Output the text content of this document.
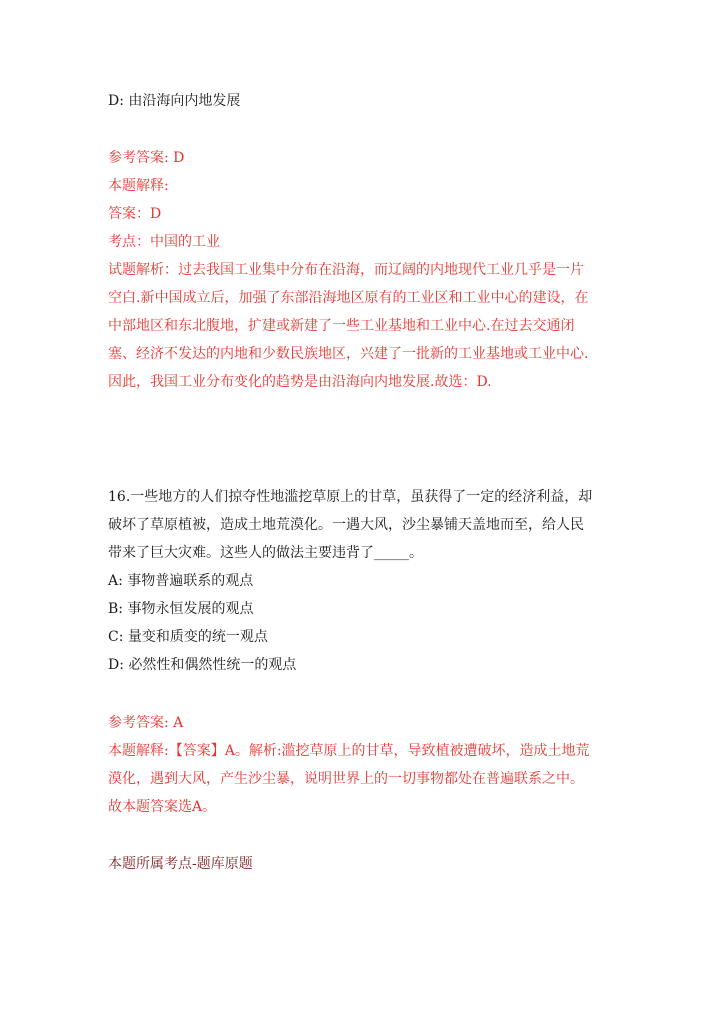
D: 由沿海向内地发展
参考答案: D
本题解释:
答案：D
考点：中国的工业
试题解析：过去我国工业集中分布在沿海，而辽阔的内地现代工业几乎是一片
空白.新中国成立后，加强了东部沿海地区原有的工业区和工业中心的建设，在
中部地区和东北腹地，扩建或新建了一些工业基地和工业中心.在过去交通闭
塞、经济不发达的内地和少数民族地区，兴建了一批新的工业基地或工业中心.
因此，我国工业分布变化的趋势是由沿海向内地发展.故选：D.
16.一些地方的人们掠夺性地滥挖草原上的甘草，虽获得了一定的经济利益，却
破坏了草原植被，造成土地荒漠化。一遇大风，沙尘暴铺天盖地而至，给人民
带来了巨大灾难。这些人的做法主要违背了_____。
A: 事物普遍联系的观点
B: 事物永恒发展的观点
C: 量变和质变的统一观点
D: 必然性和偶然性统一的观点
参考答案: A
本题解释:【答案】A。解析:滥挖草原上的甘草，导致植被遭破坏，造成土地荒
漠化，遇到大风，产生沙尘暴，说明世界上的一切事物都处在普遍联系之中。
故本题答案选A。
本题所属考点-题库原题
